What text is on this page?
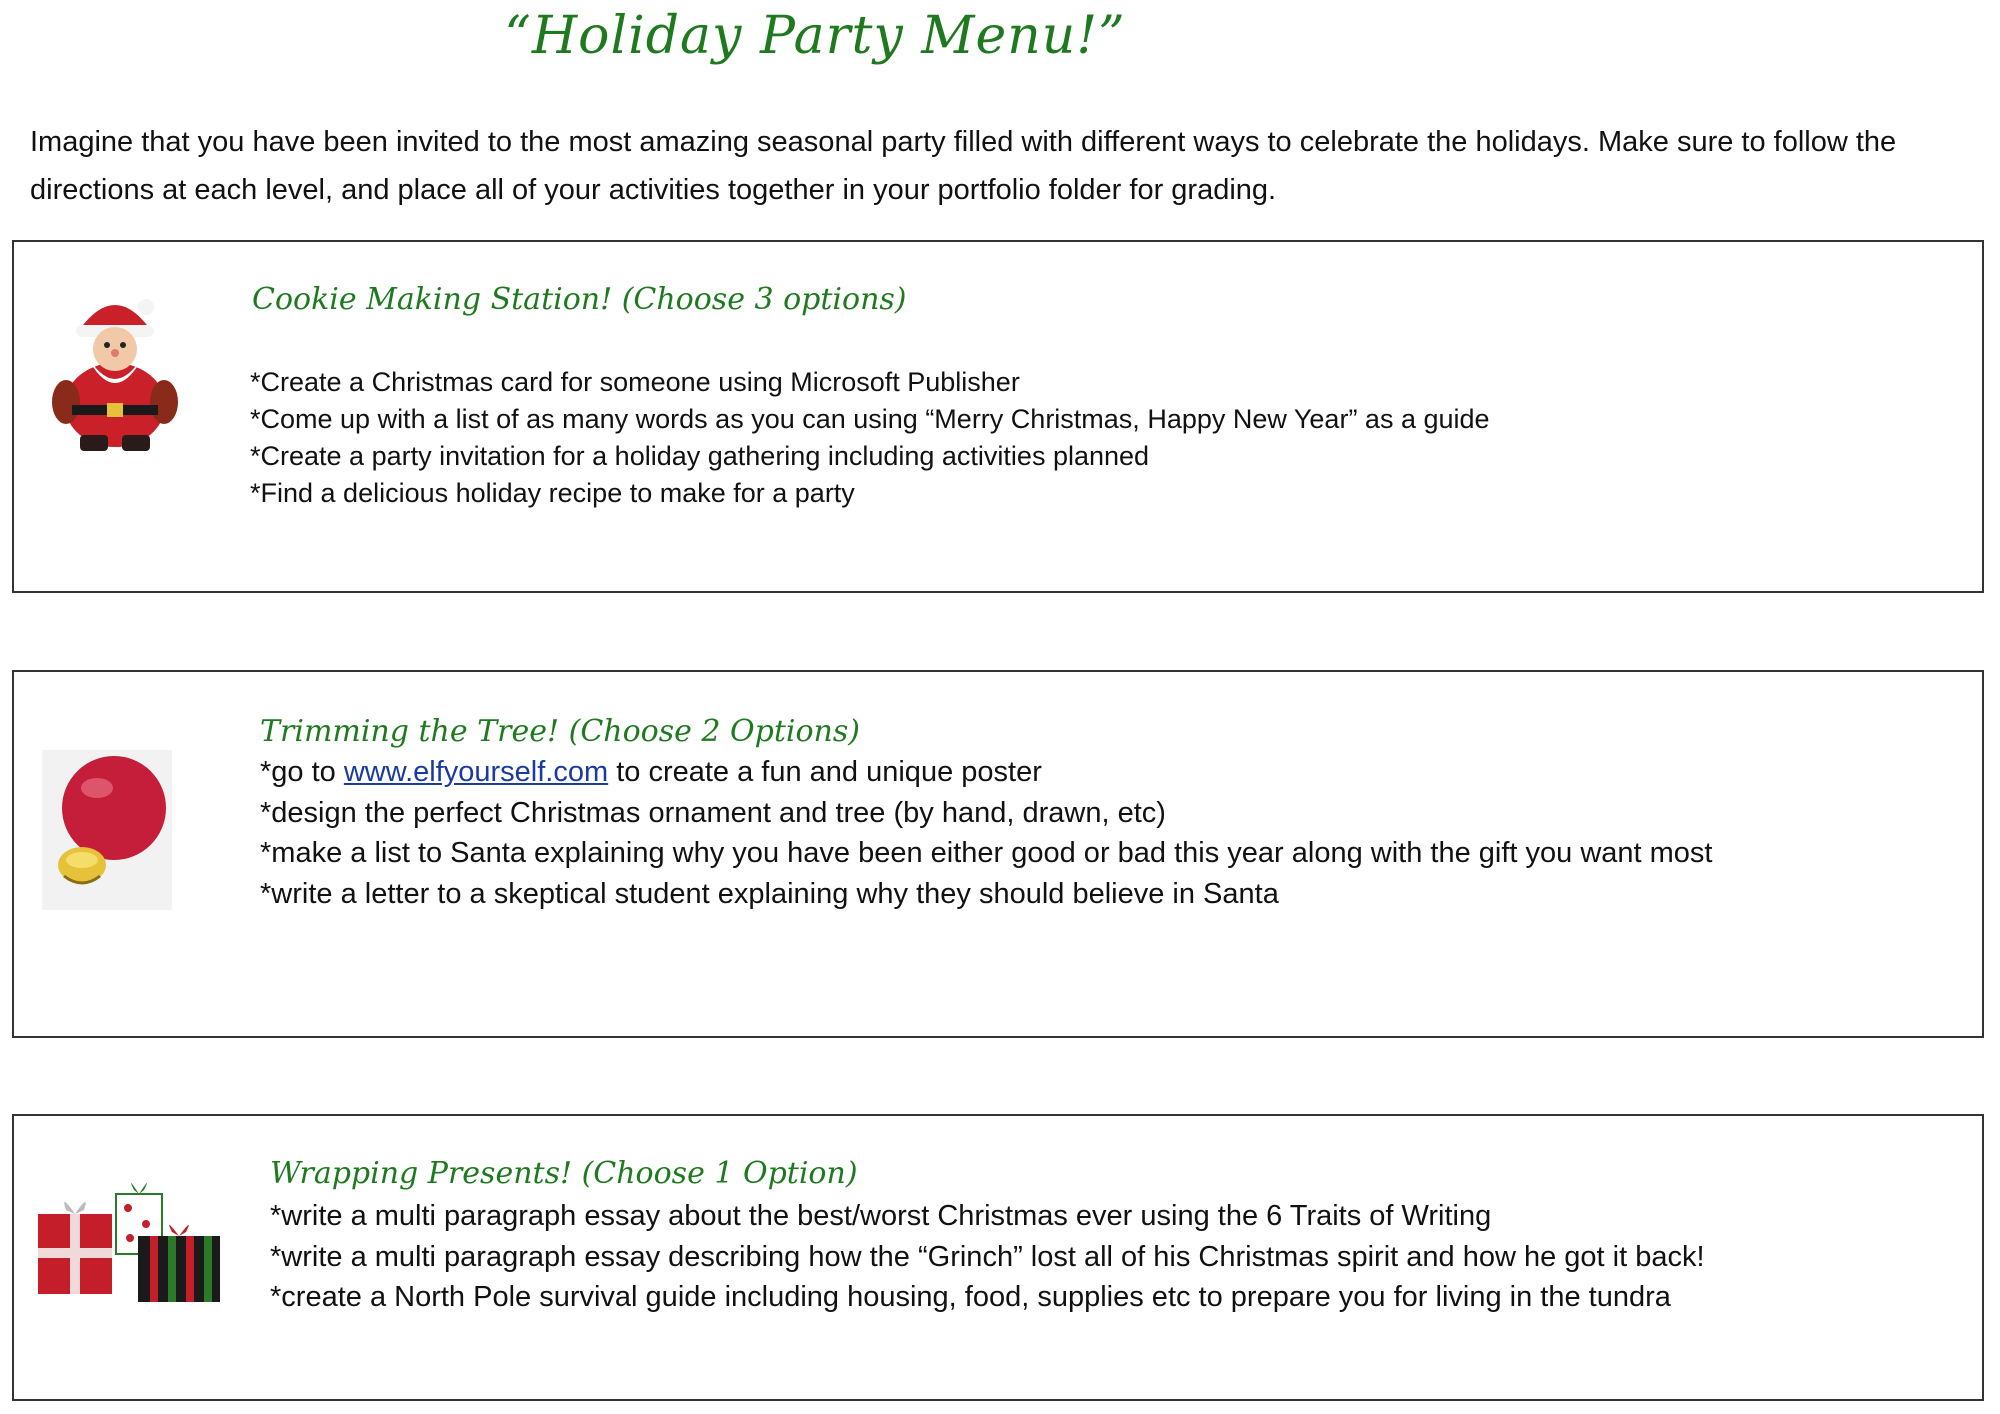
“Holiday Party Menu!”
Imagine that you have been invited to the most amazing seasonal party filled with different ways to celebrate the holidays. Make sure to follow the directions at each level, and place all of your activities together in your portfolio folder for grading.
Cookie Making Station! (Choose 3 options)
*Create a Christmas card for someone using Microsoft Publisher
*Come up with a list of as many words as you can using “Merry Christmas, Happy New Year” as a guide
*Create a party invitation for a holiday gathering including activities planned
*Find a delicious holiday recipe to make for a party
Trimming the Tree! (Choose 2 Options)
*go to www.elfyourself.com to create a fun and unique poster
*design the perfect Christmas ornament and tree (by hand, drawn, etc)
*make a list to Santa explaining why you have been either good or bad this year along with the gift you want most
*write a letter to a skeptical student explaining why they should believe in Santa
Wrapping Presents! (Choose 1 Option)
*write a multi paragraph essay about the best/worst Christmas ever using the 6 Traits of Writing
*write a multi paragraph essay describing how the “Grinch” lost all of his Christmas spirit and how he got it back!
*create a North Pole survival guide including housing, food, supplies etc to prepare you for living in the tundra
